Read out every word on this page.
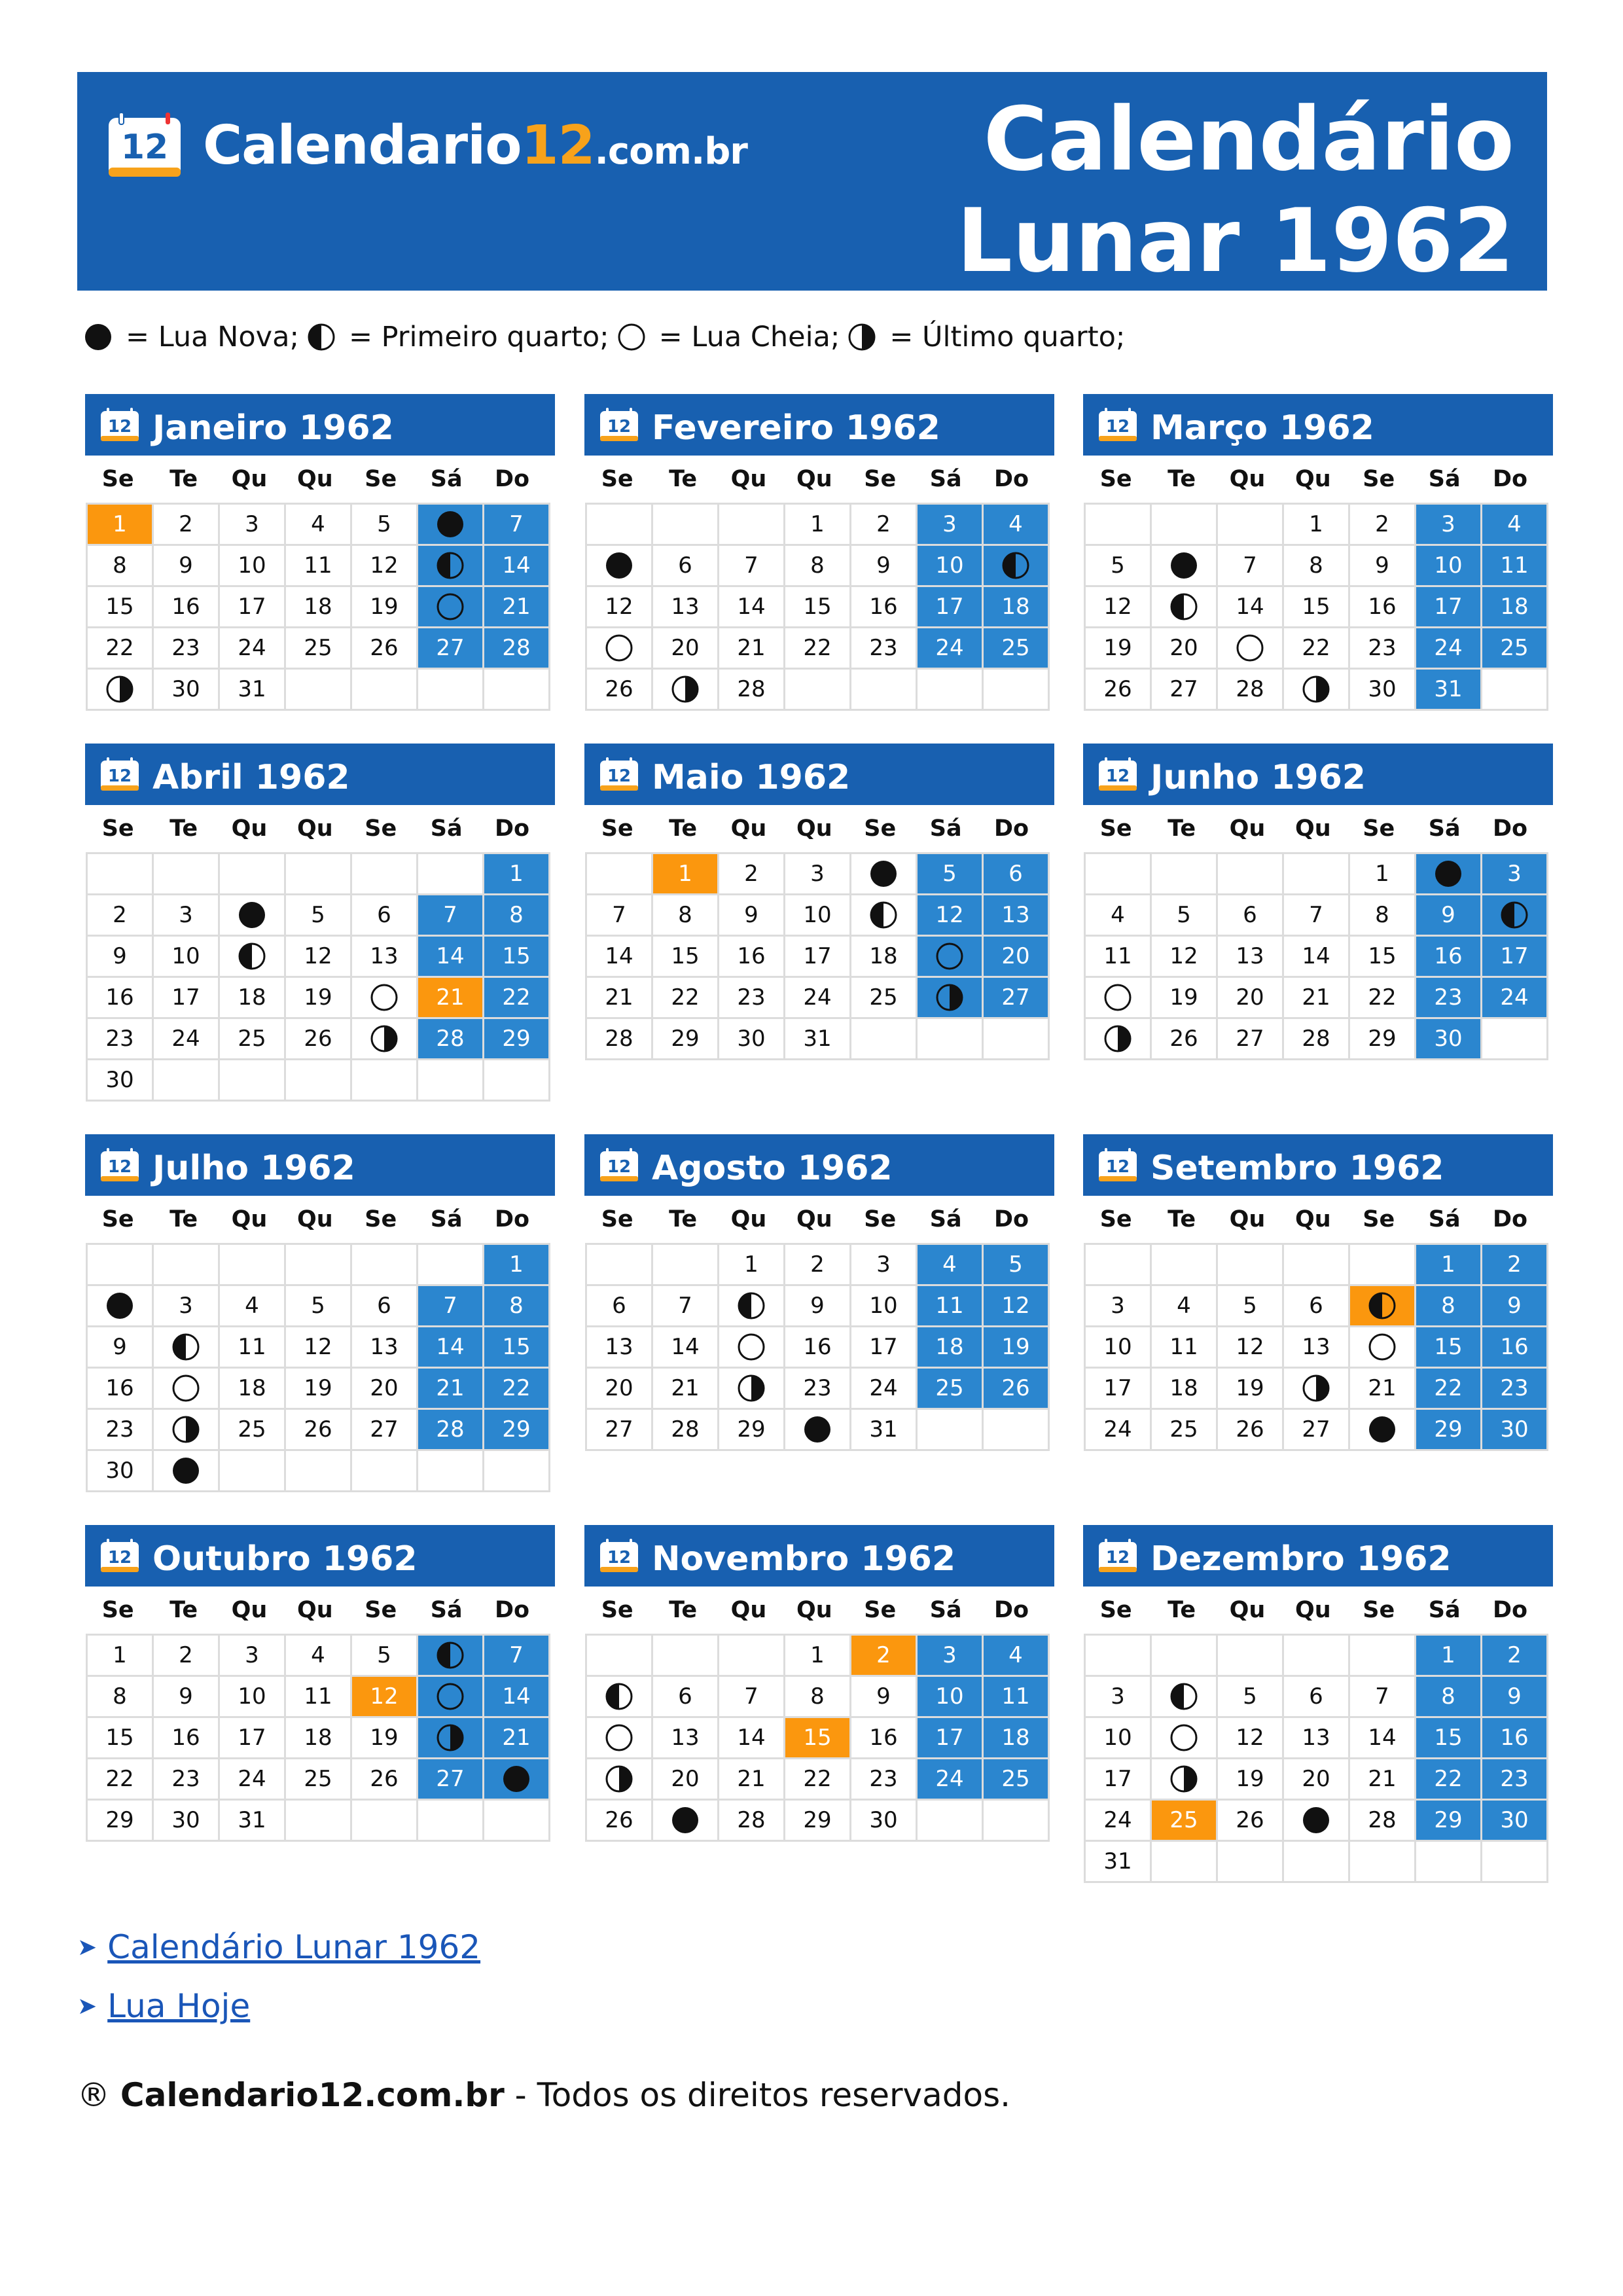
12 Calendario12.com.br	Calendário
Lunar 1962
= Lua Nova; = Primeiro quarto; = Lua Cheia; = Último quarto;
12 Janeiro 1962
Se	Te	Qu	Qu	Se	Sá	Do
1	2	3	4	5		7
8	9	10	11	12		14
15	16	17	18	19		21
22	23	24	25	26	27	28

	30	31				
12 Fevereiro 1962
Se	Te	Qu	Qu	Se	Sá	Do
			1	2	3	4

	6	7	8	9	10	

12	13	14	15	16	17	18

	20	21	22	23	24	25
26		28				
12 Março 1962
Se	Te	Qu	Qu	Se	Sá	Do
			1	2	3	4
5		7	8	9	10	11
12		14	15	16	17	18
19	20		22	23	24	25
26	27	28		30	31	
12 Abril 1962
Se	Te	Qu	Qu	Se	Sá	Do
						1
2	3		5	6	7	8
9	10		12	13	14	15
16	17	18	19		21	22
23	24	25	26		28	29
30						
12 Maio 1962
Se	Te	Qu	Qu	Se	Sá	Do
	1	2	3		5	6
7	8	9	10		12	13
14	15	16	17	18		20
21	22	23	24	25		27
28	29	30	31			
12 Junho 1962
Se	Te	Qu	Qu	Se	Sá	Do
				1		3
4	5	6	7	8	9	

11	12	13	14	15	16	17

	19	20	21	22	23	24

	26	27	28	29	30	
12 Julho 1962
Se	Te	Qu	Qu	Se	Sá	Do
						1

	3	4	5	6	7	8
9		11	12	13	14	15
16		18	19	20	21	22
23		25	26	27	28	29
30	

12 Agosto 1962
Se	Te	Qu	Qu	Se	Sá	Do
		1	2	3	4	5
6	7		9	10	11	12
13	14		16	17	18	19
20	21		23	24	25	26
27	28	29		31		
12 Setembro 1962
Se	Te	Qu	Qu	Se	Sá	Do
					1	2
3	4	5	6		8	9
10	11	12	13		15	16
17	18	19		21	22	23
24	25	26	27		29	30
12 Outubro 1962
Se	Te	Qu	Qu	Se	Sá	Do
1	2	3	4	5		7
8	9	10	11	12		14
15	16	17	18	19		21
22	23	24	25	26	27	

29	30	31				
12 Novembro 1962
Se	Te	Qu	Qu	Se	Sá	Do
			1	2	3	4

	6	7	8	9	10	11

	13	14	15	16	17	18

	20	21	22	23	24	25
26		28	29	30		
12 Dezembro 1962
Se	Te	Qu	Qu	Se	Sá	Do
					1	2
3		5	6	7	8	9
10		12	13	14	15	16
17		19	20	21	22	23
24	25	26		28	29	30
31						
➤ Calendário Lunar 1962
➤ Lua Hoje
® Calendario12.com.br - Todos os direitos reservados.
